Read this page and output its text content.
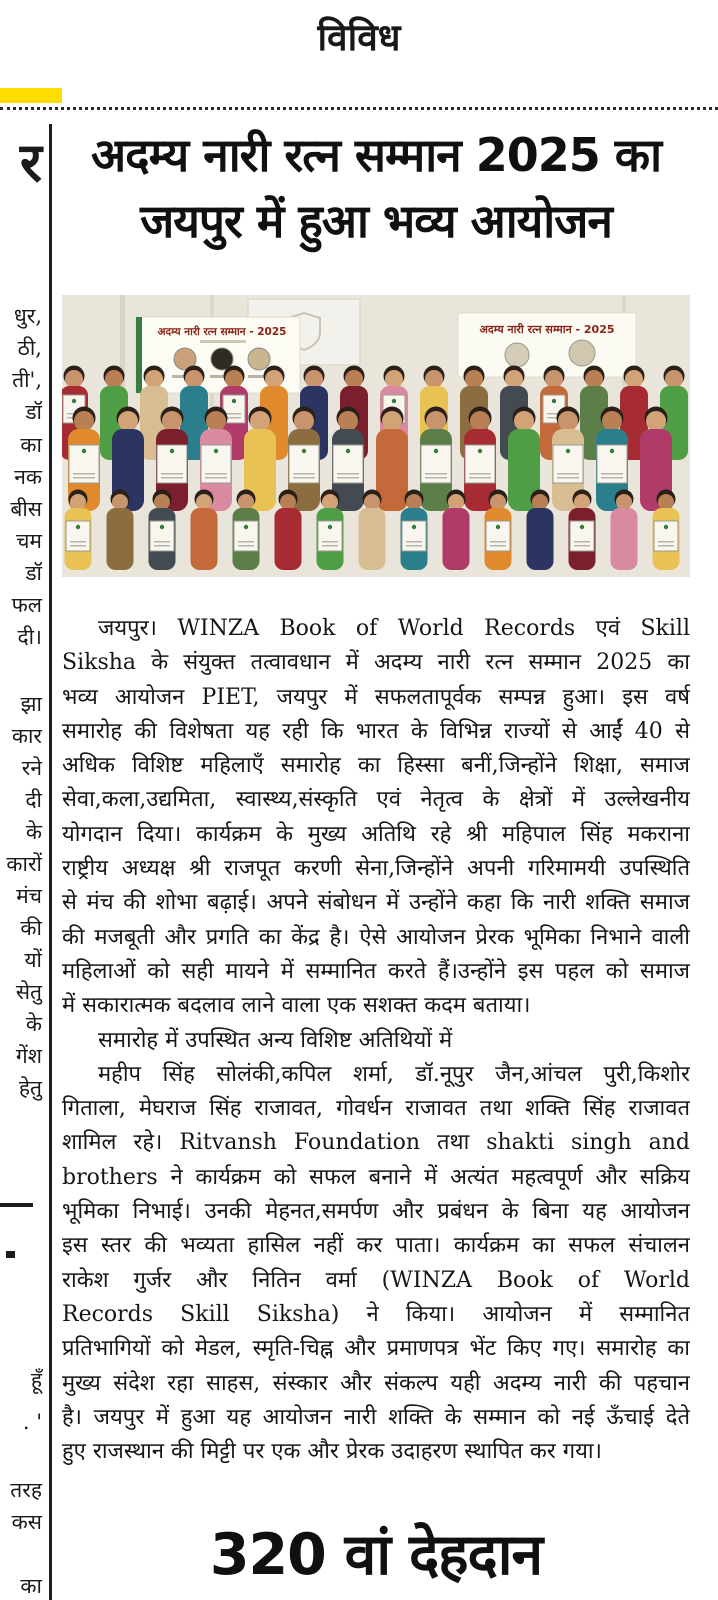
विविध
र
धुर,
ठी,
ती',
डॉ
का
नक
बीस
चम
डॉ
फल
दी।
झा
कार
रने
दी
के
कारों
मंच
की
यों
सेतु
के
गेंश
हेतु
हूँ
. '
तरह
कस
का
अदम्य नारी रत्न सम्मान 2025 का
जयपुर में हुआ भव्य आयोजन
अदम्य नारी रत्न सम्मान - 2025	अदम्य नारी रत्न सम्मान - 2025
जयपुर। WINZA Book of World Records एवं Skill
Siksha के संयुक्त तत्वावधान में अदम्य नारी रत्न सम्मान 2025 का
भव्य आयोजन PIET, जयपुर में सफलतापूर्वक सम्पन्न हुआ। इस वर्ष
समारोह की विशेषता यह रही कि भारत के विभिन्न राज्यों से आईं 40 से
अधिक विशिष्ट महिलाएँ समारोह का हिस्सा बनीं,जिन्होंने शिक्षा, समाज
सेवा,कला,उद्यमिता, स्वास्थ्य,संस्कृति एवं नेतृत्व के क्षेत्रों में उल्लेखनीय
योगदान दिया। कार्यक्रम के मुख्य अतिथि रहे श्री महिपाल सिंह मकराना
राष्ट्रीय अध्यक्ष श्री राजपूत करणी सेना,जिन्होंने अपनी गरिमामयी उपस्थिति
से मंच की शोभा बढ़ाई। अपने संबोधन में उन्होंने कहा कि नारी शक्ति समाज
की मजबूती और प्रगति का केंद्र है। ऐसे आयोजन प्रेरक भूमिका निभाने वाली
महिलाओं को सही मायने में सम्मानित करते हैं।उन्होंने इस पहल को समाज
में सकारात्मक बदलाव लाने वाला एक सशक्त कदम बताया।
समारोह में उपस्थित अन्य विशिष्ट अतिथियों में
महीप सिंह सोलंकी,कपिल शर्मा, डॉ.नूपुर जैन,आंचल पुरी,किशोर
गिताला, मेघराज सिंह राजावत, गोवर्धन राजावत तथा शक्ति सिंह राजावत
शामिल रहे। Ritvansh Foundation तथा shakti singh and
brothers ने कार्यक्रम को सफल बनाने में अत्यंत महत्वपूर्ण और सक्रिय
भूमिका निभाई। उनकी मेहनत,समर्पण और प्रबंधन के बिना यह आयोजन
इस स्तर की भव्यता हासिल नहीं कर पाता। कार्यक्रम का सफल संचालन
राकेश गुर्जर और नितिन वर्मा (WINZA Book of World
Records Skill Siksha) ने किया। आयोजन में सम्मानित
प्रतिभागियों को मेडल, स्मृति-चिह्न और प्रमाणपत्र भेंट किए गए। समारोह का
मुख्य संदेश रहा साहस, संस्कार और संकल्प यही अदम्य नारी की पहचान
है। जयपुर में हुआ यह आयोजन नारी शक्ति के सम्मान को नई ऊँचाई देते
हुए राजस्थान की मिट्टी पर एक और प्रेरक उदाहरण स्थापित कर गया।
320 वां देहदान
